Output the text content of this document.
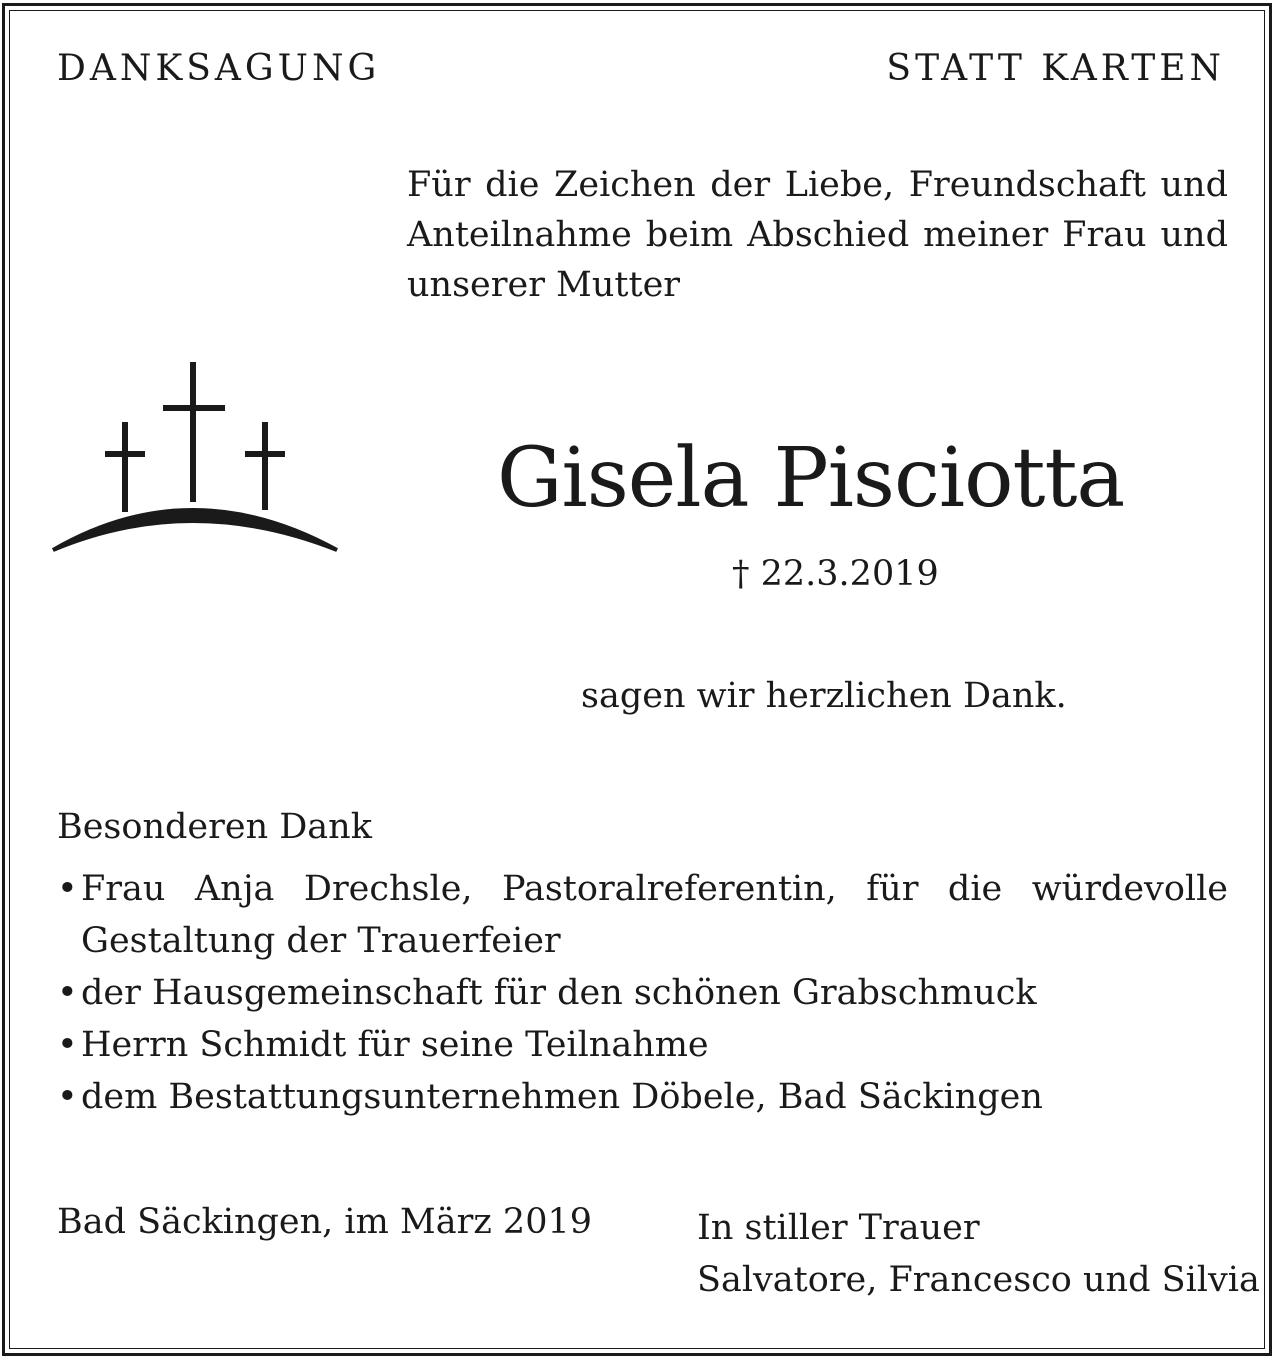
DANKSAGUNG	STATT KARTEN
Für die Zeichen der Liebe, Freundschaft und
Anteilnahme beim Abschied meiner Frau und
unserer Mutter
Gisela Pisciotta
† 22.3.2019
sagen wir herzlichen Dank.
Besonderen Dank
• Frau Anja Drechsle, Pastoralreferentin, für die würdevolle
Gestaltung der Trauerfeier
• der Hausgemeinschaft für den schönen Grabschmuck
• Herrn Schmidt für seine Teilnahme
• dem Bestattungsunternehmen Döbele, Bad Säckingen
Bad Säckingen, im März 2019	In stiller Trauer
Salvatore, Francesco und Silvia
